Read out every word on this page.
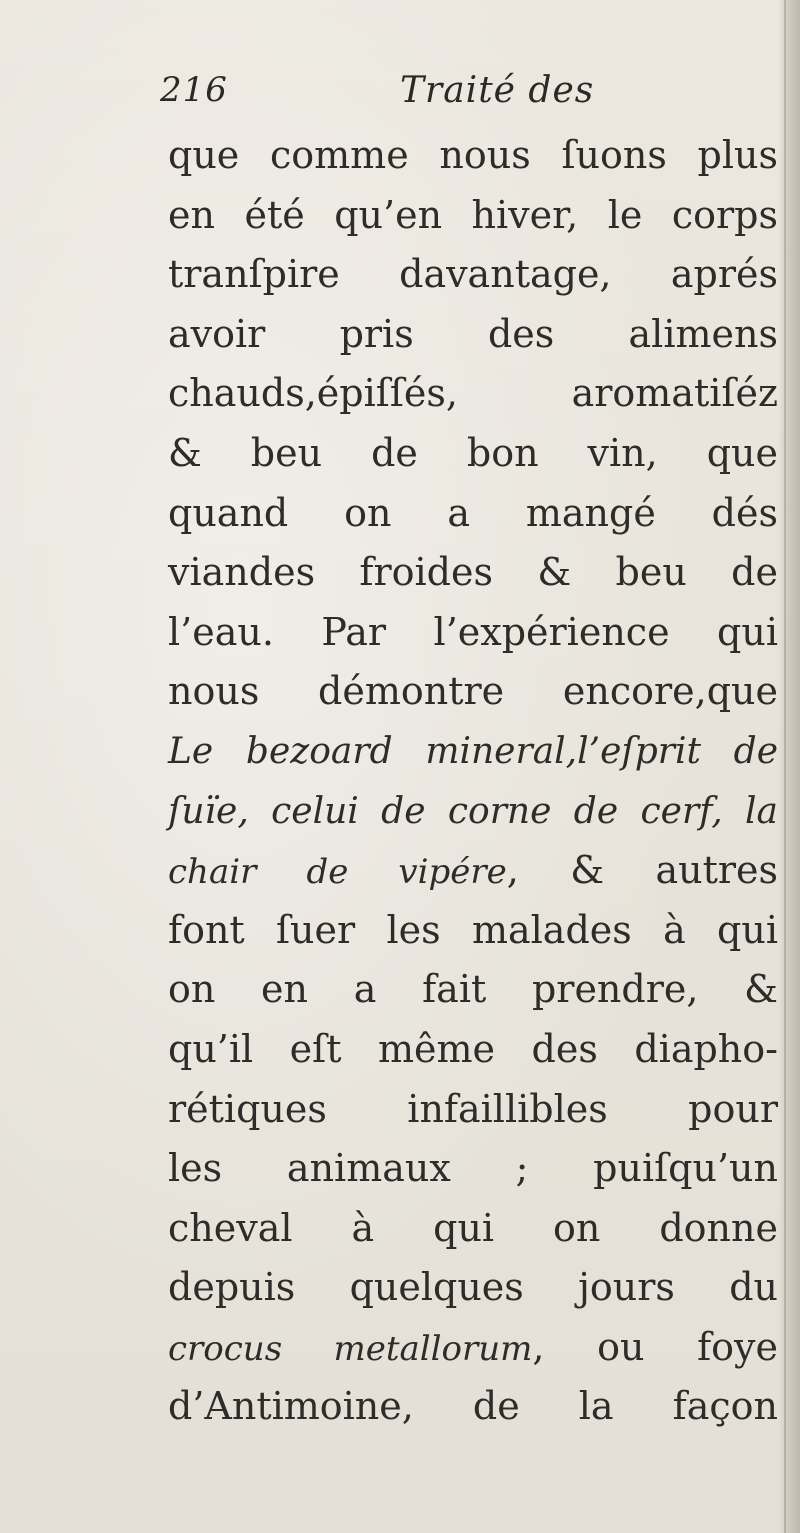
216	Traité des
que comme nous ſuons plus
en été qu’en hiver, le corps
tranſpire davantage, aprés
avoir pris des alimens
chauds,épiſſés, aromatiſéz
& beu de bon vin, que
quand on a mangé dés
viandes froides & beu de
l’eau. Par l’expérience qui
nous démontre encore,que
Le bezoard mineral,l’eſprit de
ſuïe, celui de corne de cerf, la
chair de vipére, & autres
font ſuer les malades à qui
on en a fait prendre, &
qu’il eſt même des diapho-
rétiques infaillibles pour
les animaux ; puiſqu’un
cheval à qui on donne
depuis quelques jours du
crocus metallorum, ou foye
d’Antimoine, de la façon
